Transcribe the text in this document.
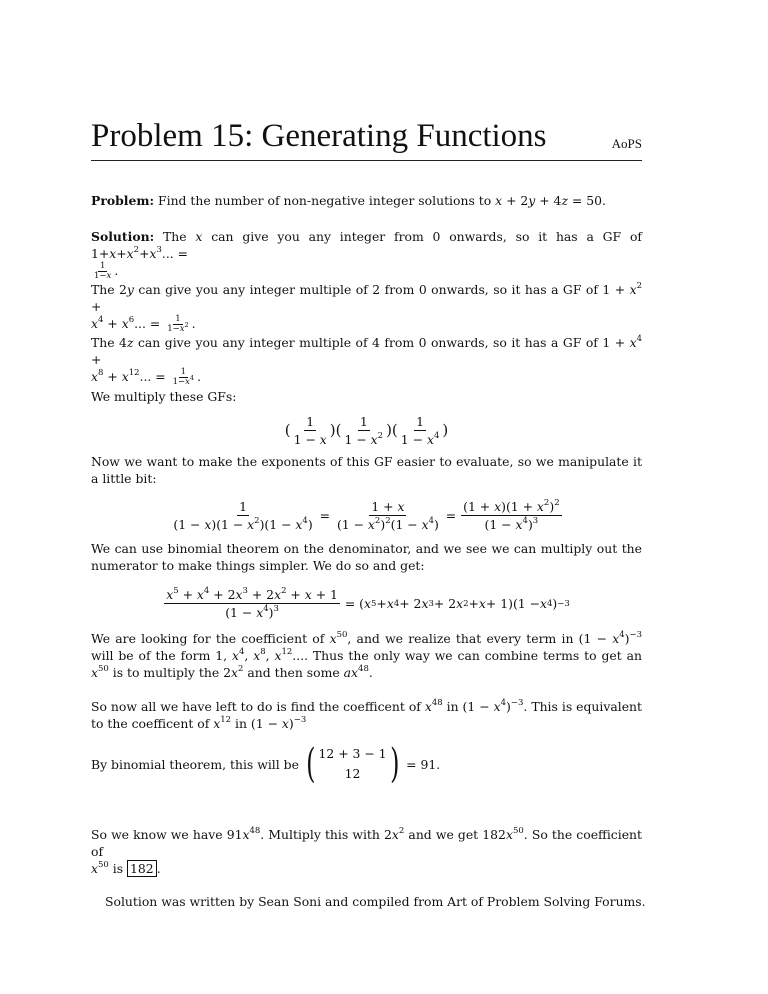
Problem 15: Generating Functions	AoPS
Problem: Find the number of non-negative integer solutions to x + 2y + 4z = 50.
Solution: The x can give you any integer from 0 onwards, so it has a GF of $1+x+x^2+x^3$... =

$\frac{1}{1-x}$ .
The 2y can give you any integer multiple of 2 from 0 onwards, so it has a GF of $1 + x^2$ +
$x^4 + x^6$... = $\frac{1}{1-x^2}$ .
The 4z can give you any integer multiple of 4 from 0 onwards, so it has a GF of $1 + x^4$ +
$x^8 + x^{12}$... = $\frac{1}{1-x^4}$ .
We multiply these GFs:
( $\frac{1}{1 - x}$ )( $\frac{1}{1 - x^2}$ )( $\frac{1}{1 - x^4}$ )
Now we want to make the exponents of this GF easier to evaluate, so we manipulate it a little bit:
$\frac{1}{(1 - x)(1 - x^2)(1 - x^4)} = \frac{1 + x}{(1 - x^2)^2(1 - x^4)} = \frac{(1 + x)(1 + x^2)^2}{(1 - x^4)^3}$
We can use binomial theorem on the denominator, and we see we can multiply out the numerator to make things simpler. We do so and get:
$\frac{x^5 + x^4 + 2x^3 + 2x^2 + x + 1}{(1 - x^4)^3}$ = ( x 5 + x 4 + 2 x 3 + 2 x 2 + x + 1)(1 − x 4 ) −3
We are looking for the coefficient of $x^{50}$, and we realize that every term in $(1 - x^4)^{-3}$ will be of the form 1, $x^4$, $x^8$, $x^{12}$.... Thus the only way we can combine terms to get an $x^{50}$ is to multiply the $2x^2$ and then some $ax^{48}$.
So now all we have left to do is find the coefficent of $x^{48}$ in $(1 - x^4)^{-3}$. This is equivalent to the coefficent of $x^{12}$ in $(1 - x)^{-3}$
By binomial theorem, this will be
( 12 + 3 − 1
12 )
= 91.
So we know we have $91x^{48}$. Multiply this with $2x^2$ and we get $182x^{50}$. So the coefficient of
$x^{50}$ is 182 .
Solution was written by Sean Soni and compiled from Art of Problem Solving Forums.
